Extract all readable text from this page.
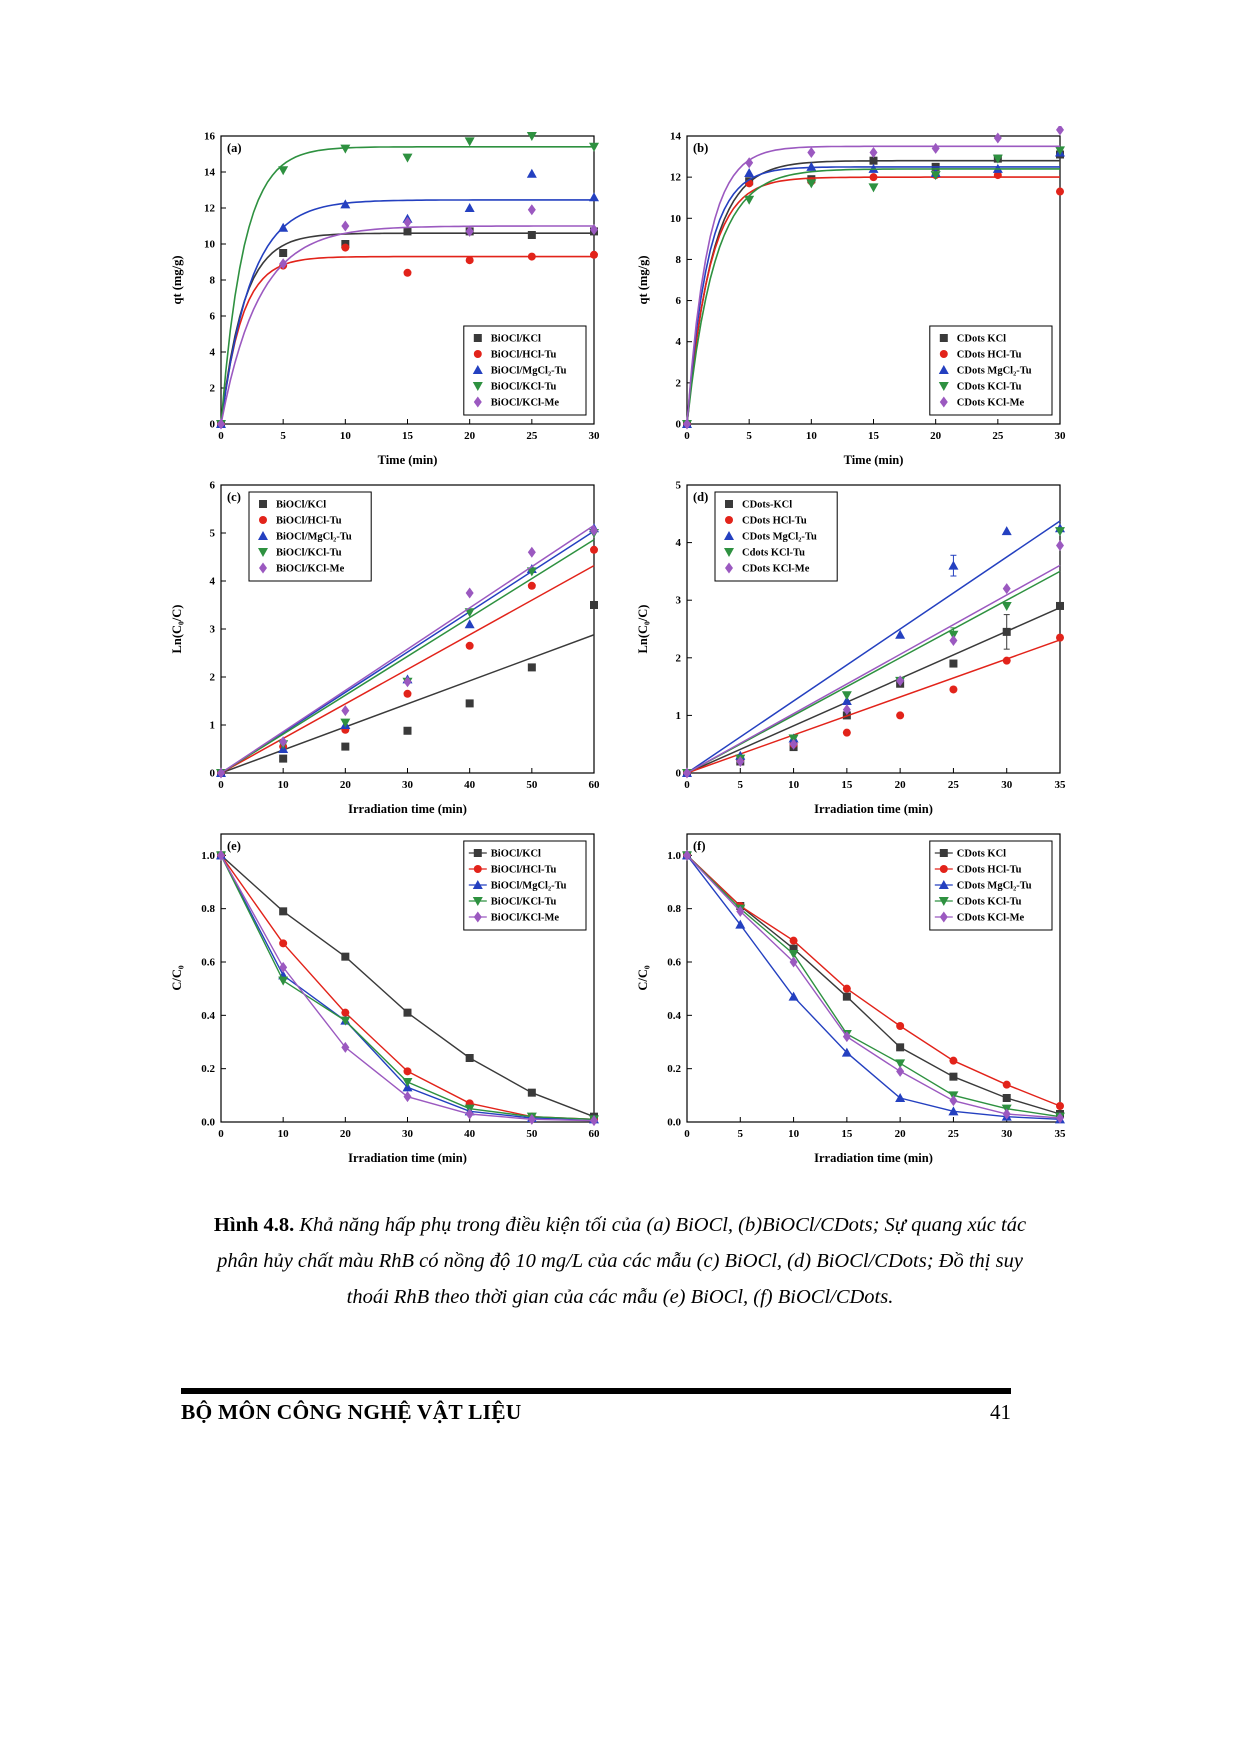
0	5	10	15	20	25	30
0
2
4
6
8
10
12
14
16
Time (min)
qt (mg/g)
(a)
BiOCl/KCl
BiOCl/HCl-Tu
BiOCl/MgCl₂-Tu
BiOCl/KCl-Tu
BiOCl/KCl-Me
0	5	10	15	20	25	30
0
2
4
6
8
10
12
14
Time (min)
qt (mg/g)
(b)
CDots KCl
CDots HCl-Tu
CDots MgCl₂-Tu
CDots KCl-Tu
CDots KCl-Me
0	10	20	30	40	50	60
0
1
2
3
4
5
6
Irradiation time (min)
Ln(C₀/C)
(c)
BiOCl/KCl
BiOCl/HCl-Tu
BiOCl/MgCl₂-Tu
BiOCl/KCl-Tu
BiOCl/KCl-Me
0	5	10	15	20	25	30	35
0
1
2
3
4
5
Irradiation time (min)
Ln(C₀/C)
(d)
CDots-KCl
CDots HCl-Tu
CDots MgCl₂-Tu
Cdots KCl-Tu
CDots KCl-Me
0	10	20	30	40	50	60
0.0
0.2
0.4
0.6
0.8
1.0
Irradiation time (min)
C/C₀
(e)
BiOCl/KCl
BiOCl/HCl-Tu
BiOCl/MgCl₂-Tu
BiOCl/KCl-Tu
BiOCl/KCl-Me
0	5	10	15	20	25	30	35
0.0
0.2
0.4
0.6
0.8
1.0
Irradiation time (min)
C/C₀
(f)
CDots KCl
CDots HCl-Tu
CDots MgCl₂-Tu
CDots KCl-Tu
CDots KCl-Me

Hình 4.8. Khả năng hấp phụ trong điều kiện tối của (a) BiOCl, (b)BiOCl/CDots; Sự quang xúc tác phân hủy chất màu RhB có nồng độ 10 mg/L của các mẫu (c) BiOCl, (d) BiOCl/CDots; Đồ thị suy thoái RhB theo thời gian của các mẫu (e) BiOCl, (f) BiOCl/CDots.

BỘ MÔN CÔNG NGHỆ VẬT LIỆU	41
